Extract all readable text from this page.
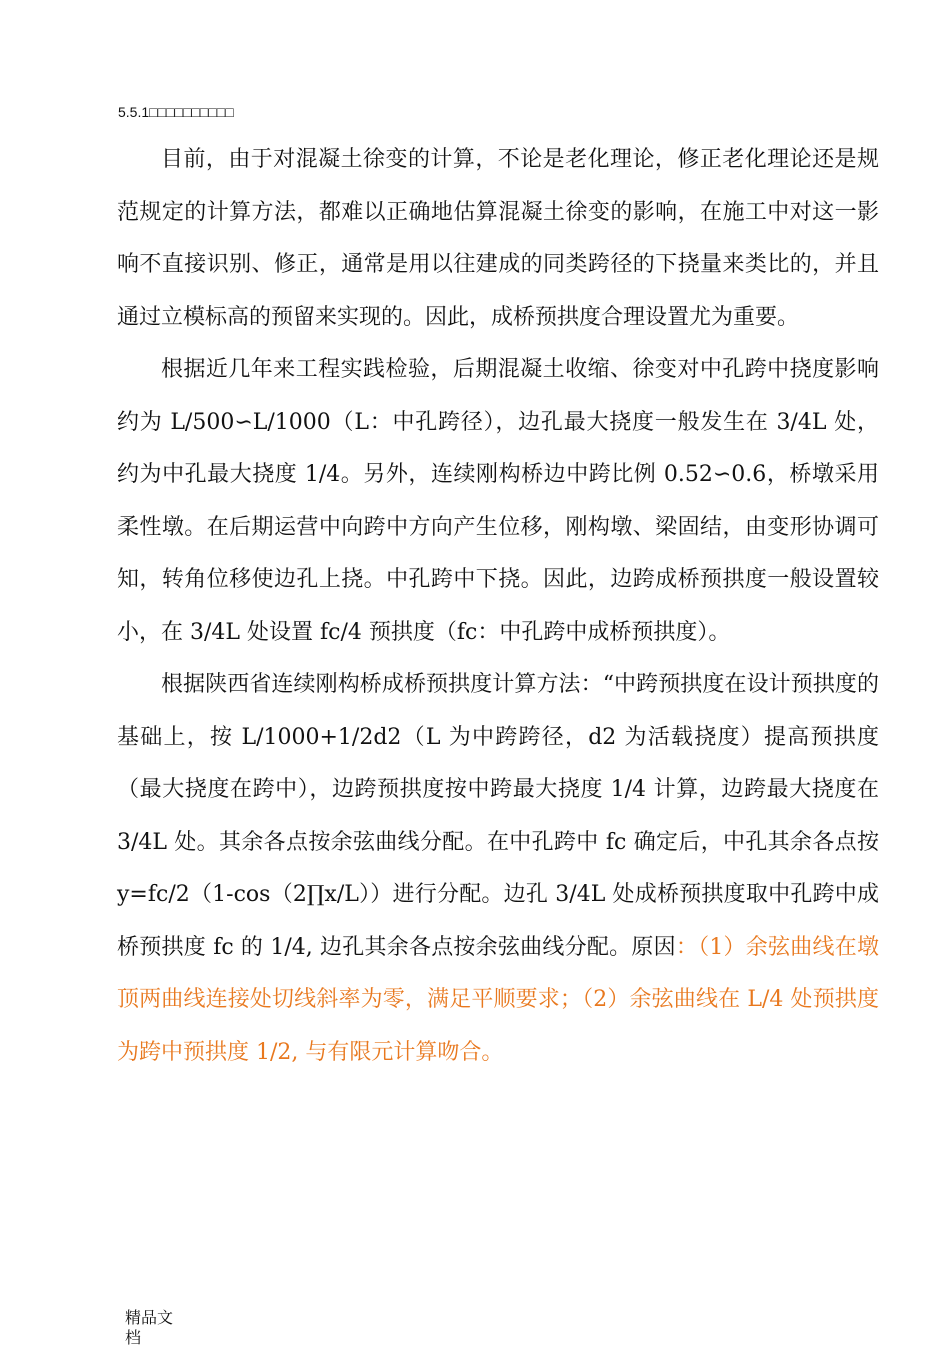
5.5.1□□□□□□□□□□

目前，由于对混凝土徐变的计算，不论是老化理论，修正老化理论还是规范规定的计算方法，都难以正确地估算混凝土徐变的影响，在施工中对这一影响不直接识别、修正，通常是用以往建成的同类跨径的下挠量来类比的，并且通过立模标高的预留来实现的。因此，成桥预拱度合理设置尤为重要。

根据近几年来工程实践检验，后期混凝土收缩、徐变对中孔跨中挠度影响约为 L/500∽L/1000（L：中孔跨径），边孔最大挠度一般发生在 3/4L 处，约为中孔最大挠度 1/4。另外，连续刚构桥边中跨比例 0.52∽0.6，桥墩采用柔性墩。在后期运营中向跨中方向产生位移，刚构墩、梁固结，由变形协调可知，转角位移使边孔上挠。中孔跨中下挠。因此，边跨成桥预拱度一般设置较小，在 3/4L 处设置 fc/4 预拱度（fc：中孔跨中成桥预拱度）。

根据陕西省连续刚构桥成桥预拱度计算方法：“中跨预拱度在设计预拱度的基础上，按 L/1000+1/2d2（L 为中跨跨径，d2 为活载挠度）提高预拱度（最大挠度在跨中），边跨预拱度按中跨最大挠度 1/4 计算，边跨最大挠度在 3/4L 处。其余各点按余弦曲线分配。在中孔跨中 fc 确定后，中孔其余各点按 y=fc/2（1-cos（2∏x/L））进行分配。边孔 3/4L 处成桥预拱度取中孔跨中成桥预拱度 fc 的 1/4, 边孔其余各点按余弦曲线分配。原因：（1）余弦曲线在墩顶两曲线连接处切线斜率为零，满足平顺要求；（2）余弦曲线在 L/4 处预拱度为跨中预拱度 1/2, 与有限元计算吻合。

精品文档
